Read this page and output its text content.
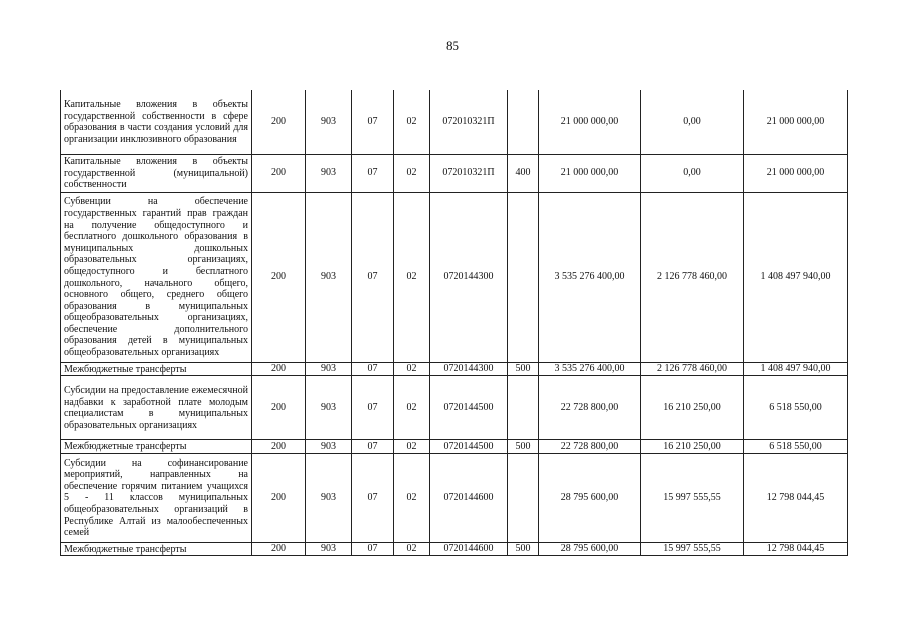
85
Капитальные вложения в объекты государственной собственности в сфере образования в части создания условий для организации инклюзивного образования	200	903	07	02	072010321П		21 000 000,00	0,00	21 000 000,00
Капитальные вложения в объекты государственной (муниципальной) собственности	200	903	07	02	072010321П	400	21 000 000,00	0,00	21 000 000,00
Субвенции на обеспечение государственных гарантий прав граждан на получение общедоступного и бесплатного дошкольного образования в муниципальных дошкольных образовательных организациях, общедоступного и бесплатного дошкольного, начального общего, основного общего, среднего общего образования в муниципальных общеобразовательных организациях, обеспечение дополнительного образования детей в муниципальных общеобразовательных организациях	200	903	07	02	0720144300		3 535 276 400,00	2 126 778 460,00	1 408 497 940,00
Межбюджетные трансферты	200	903	07	02	0720144300	500	3 535 276 400,00	2 126 778 460,00	1 408 497 940,00
Субсидии на предоставление ежемесячной надбавки к заработной плате молодым специалистам в муниципальных образовательных организациях	200	903	07	02	0720144500		22 728 800,00	16 210 250,00	6 518 550,00
Межбюджетные трансферты	200	903	07	02	0720144500	500	22 728 800,00	16 210 250,00	6 518 550,00
Субсидии на софинансирование мероприятий, направленных на обеспечение горячим питанием учащихся 5 - 11 классов муниципальных общеобразовательных организаций в Республике Алтай из малообеспеченных семей	200	903	07	02	0720144600		28 795 600,00	15 997 555,55	12 798 044,45
Межбюджетные трансферты	200	903	07	02	0720144600	500	28 795 600,00	15 997 555,55	12 798 044,45
